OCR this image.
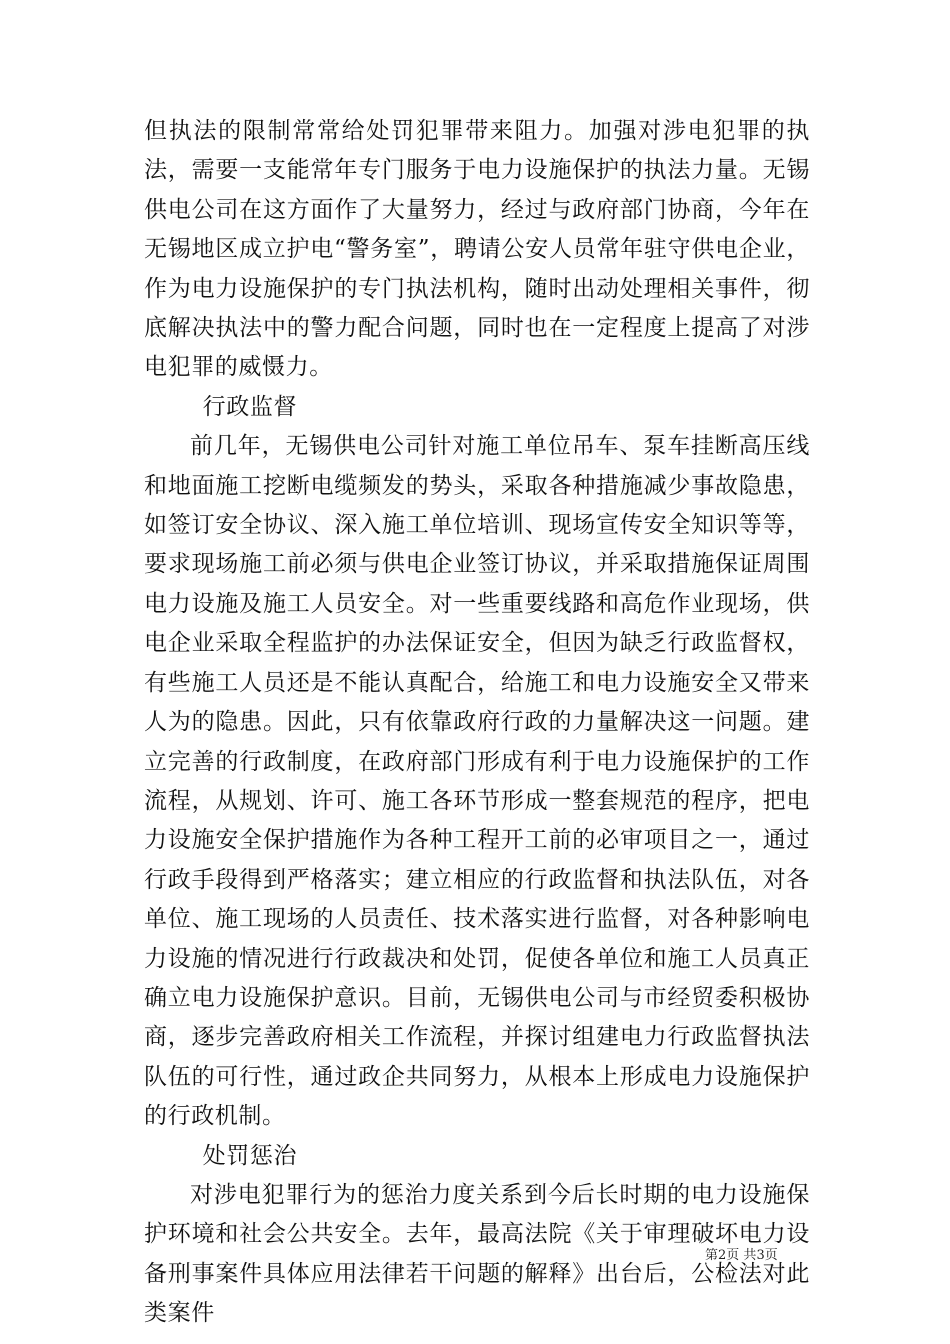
但执法的限制常常给处罚犯罪带来阻力。加强对涉电犯罪的执法，需要一支能常年专门服务于电力设施保护的执法力量。无锡供电公司在这方面作了大量努力，经过与政府部门协商，今年在无锡地区成立护电“警务室”，聘请公安人员常年驻守供电企业，作为电力设施保护的专门执法机构，随时出动处理相关事件，彻底解决执法中的警力配合问题，同时也在一定程度上提高了对涉电犯罪的威慑力。

行政监督

前几年，无锡供电公司针对施工单位吊车、泵车挂断高压线和地面施工挖断电缆频发的势头，采取各种措施减少事故隐患，如签订安全协议、深入施工单位培训、现场宣传安全知识等等，要求现场施工前必须与供电企业签订协议，并采取措施保证周围电力设施及施工人员安全。对一些重要线路和高危作业现场，供电企业采取全程监护的办法保证安全，但因为缺乏行政监督权，有些施工人员还是不能认真配合，给施工和电力设施安全又带来人为的隐患。因此，只有依靠政府行政的力量解决这一问题。建立完善的行政制度，在政府部门形成有利于电力设施保护的工作流程，从规划、许可、施工各环节形成一整套规范的程序，把电力设施安全保护措施作为各种工程开工前的必审项目之一，通过行政手段得到严格落实；建立相应的行政监督和执法队伍，对各单位、施工现场的人员责任、技术落实进行监督，对各种影响电力设施的情况进行行政裁决和处罚，促使各单位和施工人员真正确立电力设施保护意识。目前，无锡供电公司与市经贸委积极协商，逐步完善政府相关工作流程，并探讨组建电力行政监督执法队伍的可行性，通过政企共同努力，从根本上形成电力设施保护的行政机制。

处罚惩治

对涉电犯罪行为的惩治力度关系到今后长时期的电力设施保护环境和社会公共安全。去年，最高法院《关于审理破坏电力设备刑事案件具体应用法律若干问题的解释》出台后，公检法对此类案件

第2页 共3页
